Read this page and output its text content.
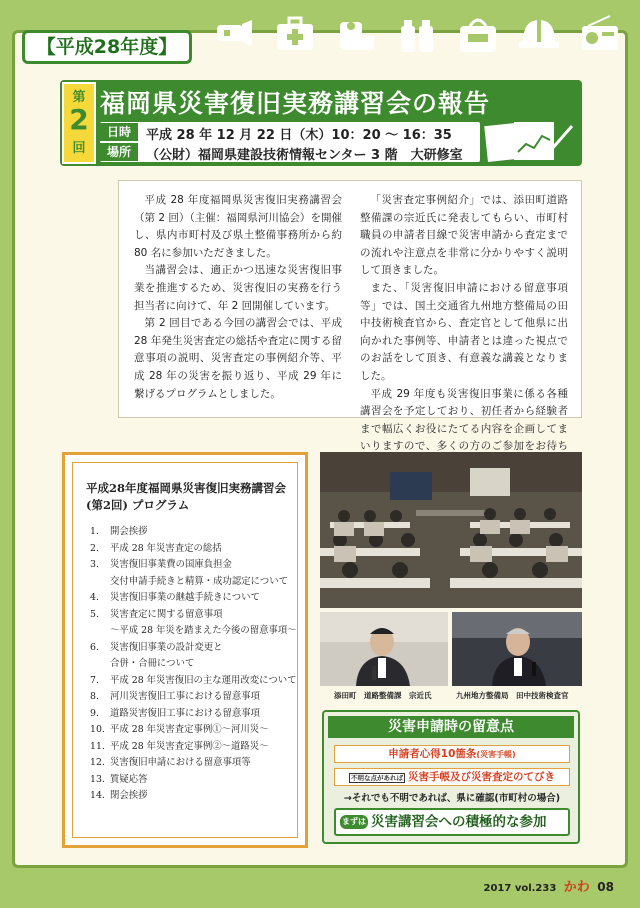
【平成28年度】
第
2
回
福岡県災害復旧実務講習会の報告
日時
場所
平成 28 年 12 月 22 日（木）10：20 ～ 16：35
（公財）福岡県建設技術情報センター 3 階　大研修室

平成 28 年度福岡県災害復旧実務講習会（第 2 回）（主催：福岡県河川協会）を開催し、県内市町村及び県土整備事務所から約 80 名に参加いただきました。

当講習会は、適正かつ迅速な災害復旧事業を推進するため、災害復旧の実務を行う担当者に向けて、年 2 回開催しています。

第 2 回目である今回の講習会では、平成 28 年発生災害査定の総括や査定に関する留意事項の説明、災害査定の事例紹介等、平成 28 年の災害を振り返り、平成 29 年に繋げるプログラムとしました。

「災害査定事例紹介」では、添田町道路整備課の宗近氏に発表してもらい、市町村職員の申請者目線で災害申請から査定までの流れや注意点を非常に分かりやすく説明して頂きました。

また、「災害復旧申請における留意事項等」では、国土交通省九州地方整備局の田中技術検査官から、査定官として他県に出向かれた事例等、申請者とは違った視点でのお話をして頂き、有意義な講義となりました。

平成 29 年度も災害復旧事業に係る各種講習会を予定しており、初任者から経験者まで幅広くお役にたてる内容を企画してまいりますので、多くの方のご参加をお待ち

平成28年度福岡県災害復旧実務講習会
(第2回) プログラム
1. 開会挨拶
2. 平成 28 年災害査定の総括
3. 災害復旧事業費の国庫負担金
交付申請手続きと精算・成功認定について
4. 災害復旧事業の継越手続きについて
5. 災害査定に関する留意事項
～平成 28 年災を踏まえた今後の留意事項～
6. 災害復旧事業の設計変更と
合併・合冊について
7. 平成 28 年災害復旧の主な運用改変について
8. 河川災害復旧工事における留意事項
9. 道路災害復旧工事における留意事項
10. 平成 28 年災害査定事例①～河川災～
11. 平成 28 年災害査定事例②～道路災～
12. 災害復旧申請における留意事項等
13. 質疑応答
14. 閉会挨拶
添田町　道路整備課　宗近氏	九州地方整備局　田中技術検査官
災害申請時の留意点
申請者心得10箇条(災害手帳)
不明な点があれば 災害手帳及び災害査定のてびき
→それでも不明であれば、県に確認(市町村の場合)
まずは 災害講習会への積極的な参加
2017 vol.233 かわ 08
